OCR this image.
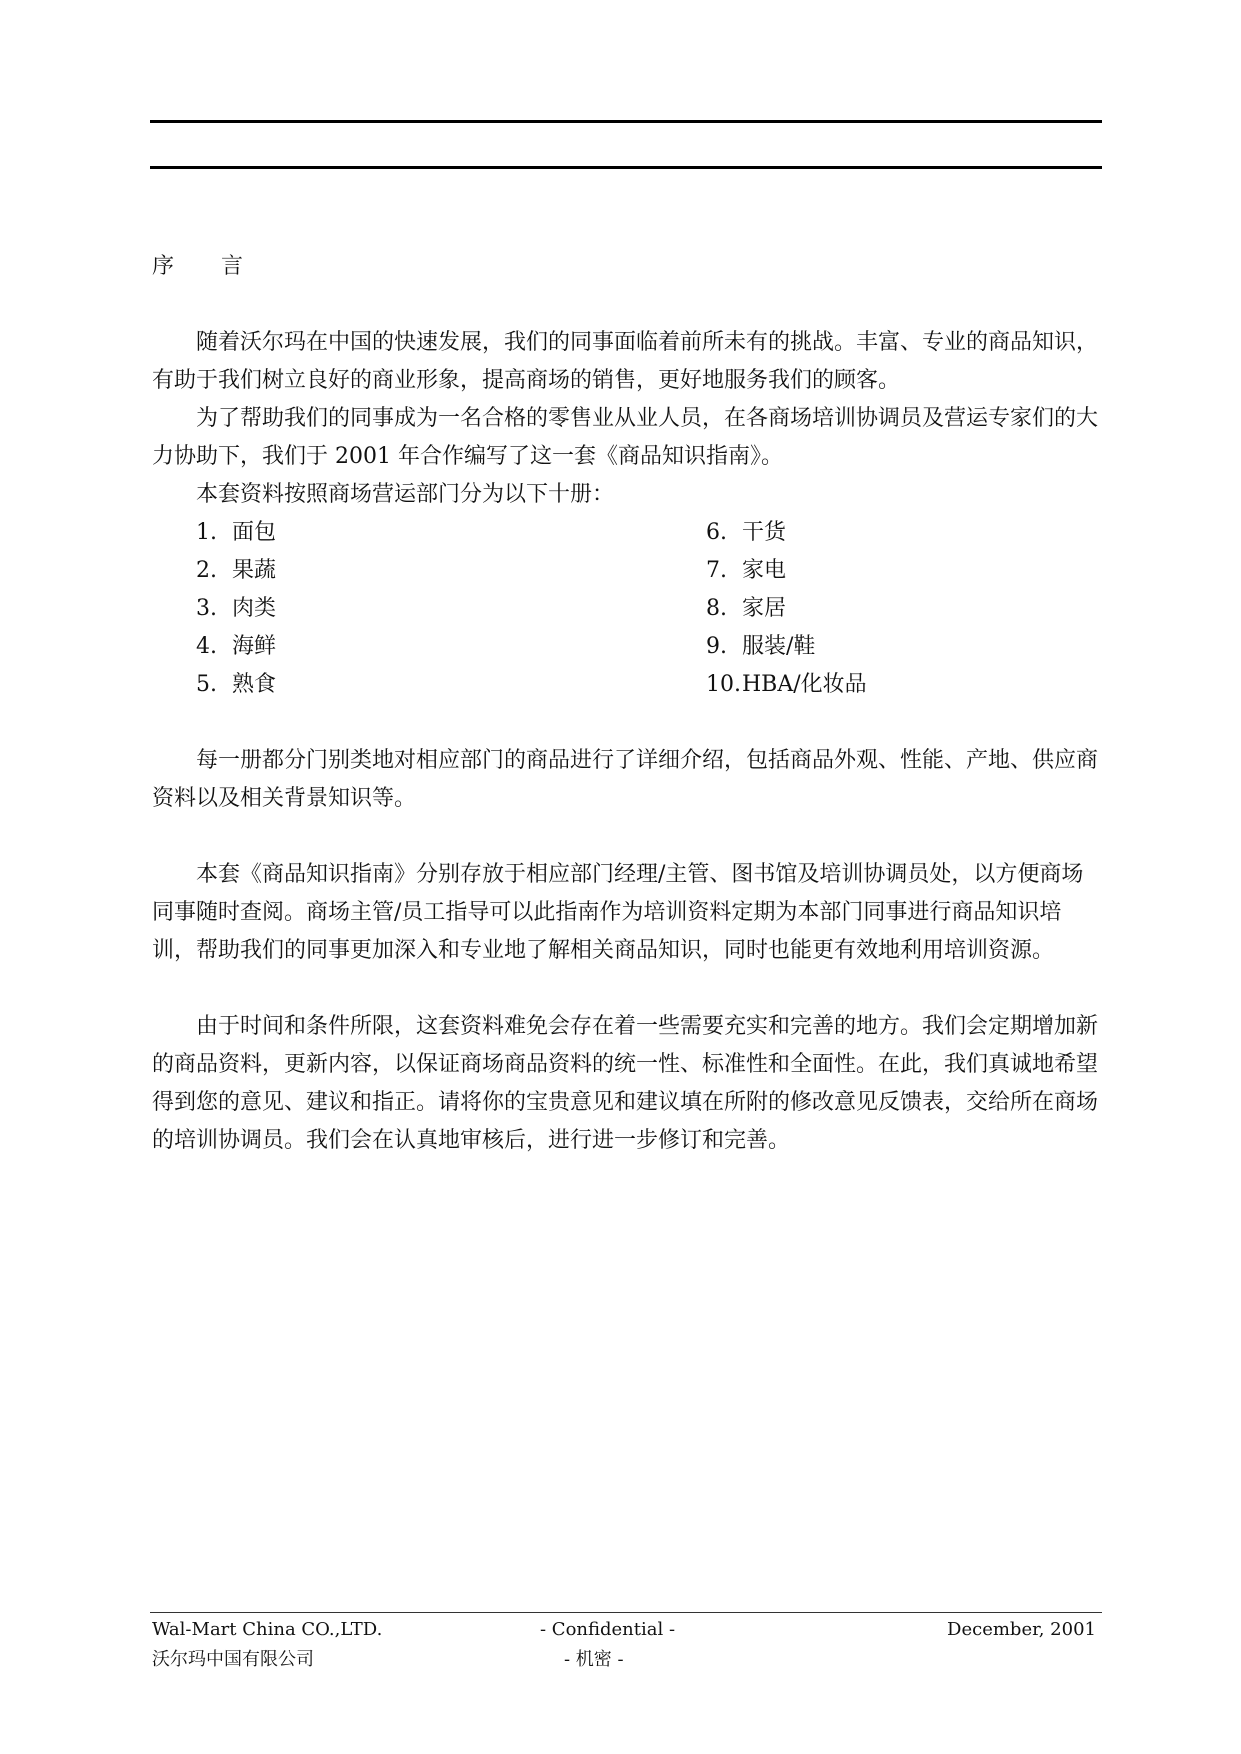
序 言

随着沃尔玛在中国的快速发展，我们的同事面临着前所未有的挑战。丰富、专业的商品知识，有助于我们树立良好的商业形象，提高商场的销售，更好地服务我们的顾客。

为了帮助我们的同事成为一名合格的零售业从业人员，在各商场培训协调员及营运专家们的大力协助下，我们于 2001 年合作编写了这一套《商品知识指南》。

本套资料按照商场营运部门分为以下十册：

1. 面包	6. 干货
2. 果蔬	7. 家电
3. 肉类	8. 家居
4. 海鲜	9. 服装/鞋
5. 熟食	10.HBA/化妆品

每一册都分门别类地对相应部门的商品进行了详细介绍，包括商品外观、性能、产地、供应商资料以及相关背景知识等。

本套《商品知识指南》分别存放于相应部门经理/主管、图书馆及培训协调员处，以方便商场同事随时查阅。商场主管/员工指导可以此指南作为培训资料定期为本部门同事进行商品知识培训，帮助我们的同事更加深入和专业地了解相关商品知识，同时也能更有效地利用培训资源。

由于时间和条件所限，这套资料难免会存在着一些需要充实和完善的地方。我们会定期增加新的商品资料，更新内容，以保证商场商品资料的统一性、标准性和全面性。在此，我们真诚地希望得到您的意见、建议和指正。请将你的宝贵意见和建议填在所附的修改意见反馈表，交给所在商场的培训协调员。我们会在认真地审核后，进行进一步修订和完善。

Wal-Mart China CO.,LTD.	- Confidential -	December, 2001
沃尔玛中国有限公司	- 机密 -
